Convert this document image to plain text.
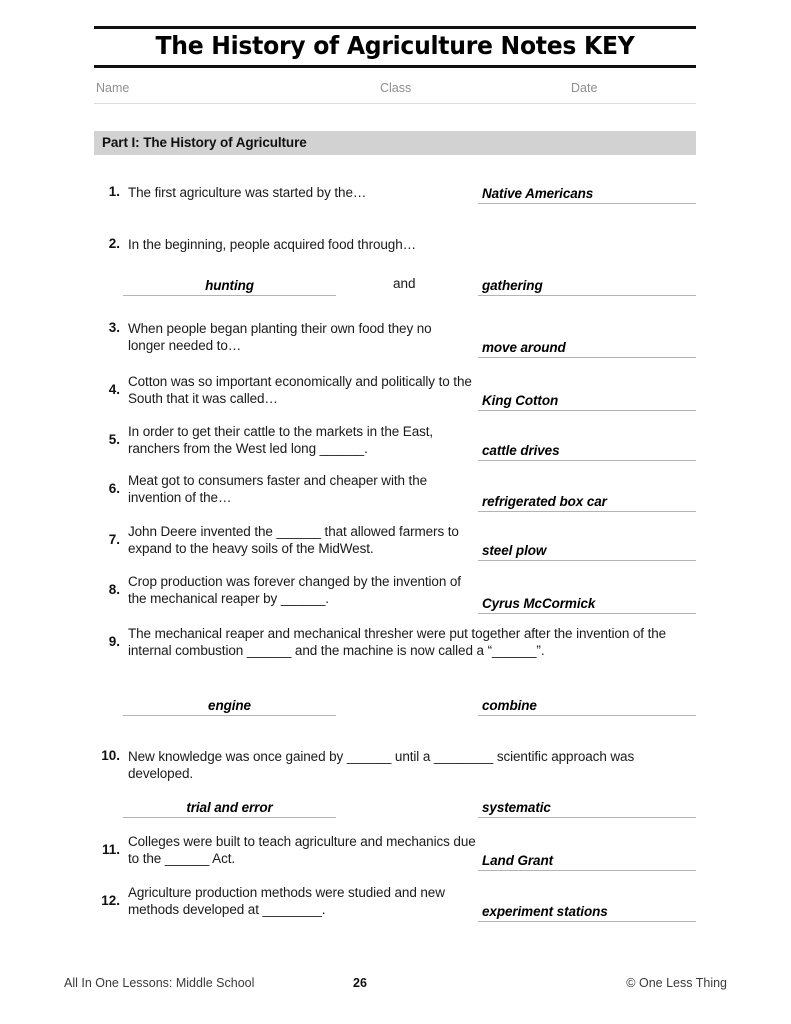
The History of Agriculture Notes KEY
Name	Class	Date
Part I: The History of Agriculture
1. The first agriculture was started by the…	Native Americans
2. In the beginning, people acquired food through…
hunting	and	gathering
3. When people began planting their own food they no longer needed to…	move around
4.
Cotton was so important economically and politically to the South that it was called…	King Cotton
5.
In order to get their cattle to the markets in the East, ranchers from the West led long ______.	cattle drives
6.
Meat got to consumers faster and cheaper with the invention of the…	refrigerated box car
7.
John Deere invented the ______ that allowed farmers to expand to the heavy soils of the MidWest.	steel plow
8.
Crop production was forever changed by the invention of the mechanical reaper by ______.	Cyrus McCormick
9.
The mechanical reaper and mechanical thresher were put together after the invention of the internal combustion ______ and the machine is now called a “______”.
engine	combine
10. New knowledge was once gained by ______ until a ________ scientific approach was developed.
trial and error	systematic
11.
Colleges were built to teach agriculture and mechanics due to the ______ Act.	Land Grant
12.
Agriculture production methods were studied and new methods developed at ________.	experiment stations
All In One Lessons: Middle School	26	© One Less Thing
